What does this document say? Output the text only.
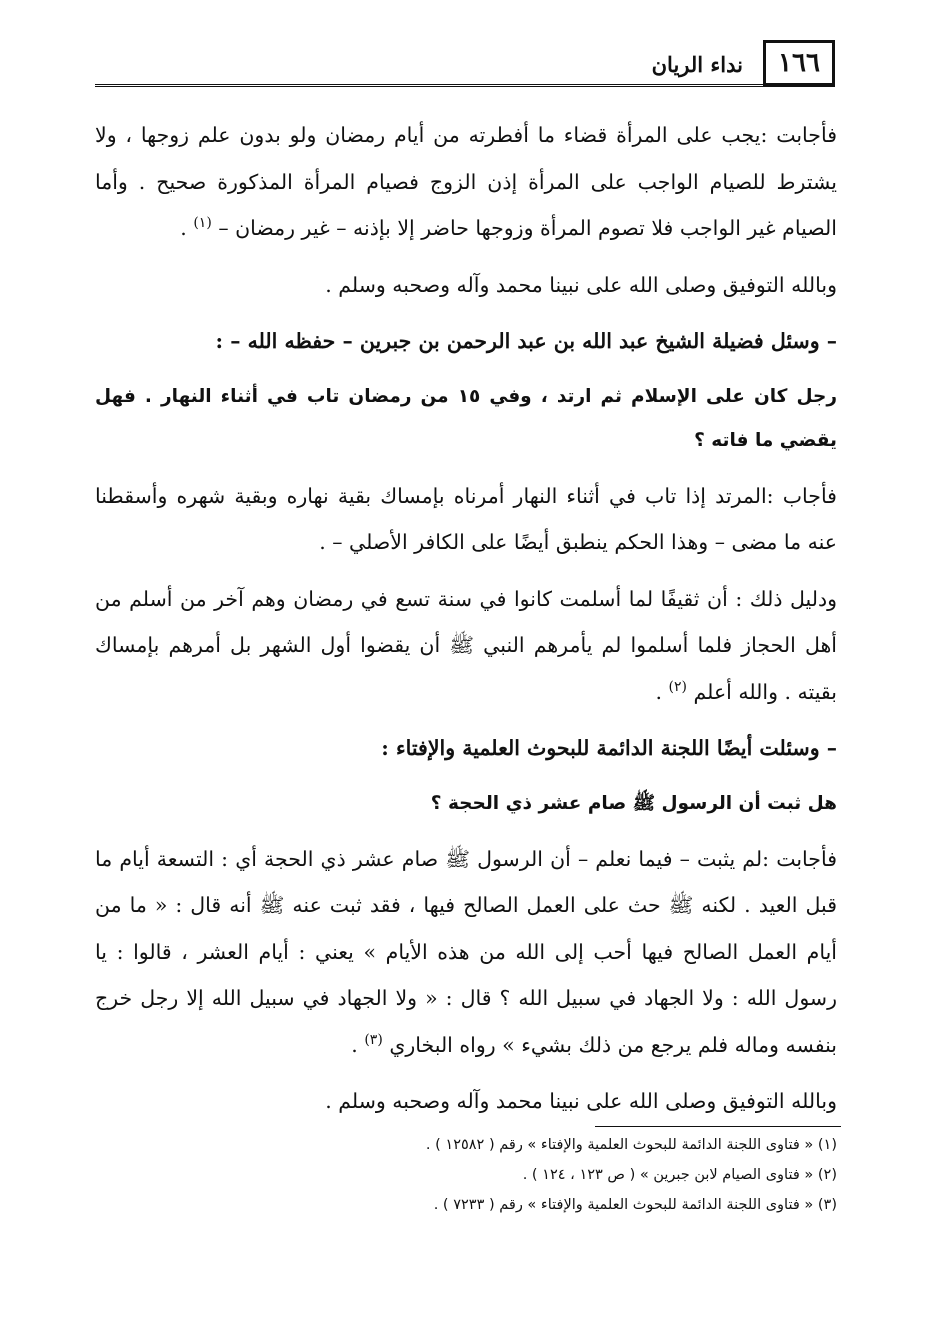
١٦٦
نداء الريان

فأجابت :يجب على المرأة قضاء ما أفطرته من أيام رمضان ولو بدون علم زوجها ، ولا يشترط للصيام الواجب على المرأة إذن الزوج فصيام المرأة المذكورة صحيح . وأما الصيام غير الواجب فلا تصوم المرأة وزوجها حاضر إلا بإذنه – غير رمضان – $^{(١)}$ .

وبالله التوفيق وصلى الله على نبينا محمد وآله وصحبه وسلم .

– وسئل فضيلة الشيخ عبد الله بن عبد الرحمن بن جبرين – حفظه الله – :

رجل كان على الإسلام ثم ارتد ، وفي ١٥ من رمضان تاب في أثناء النهار . فهل يقضي ما فاته ؟

فأجاب :المرتد إذا تاب في أثناء النهار أمرناه بإمساك بقية نهاره وبقية شهره وأسقطنا عنه ما مضى – وهذا الحكم ينطبق أيضًا على الكافر الأصلي – .

ودليل ذلك : أن ثقيفًا لما أسلمت كانوا في سنة تسع في رمضان وهم آخر من أسلم من أهل الحجاز فلما أسلموا لم يأمرهم النبي ﷺ أن يقضوا أول الشهر بل أمرهم بإمساك بقيته . والله أعلم $^{(٢)}$ .

– وسئلت أيضًا اللجنة الدائمة للبحوث العلمية والإفتاء :

هل ثبت أن الرسول ﷺ صام عشر ذي الحجة ؟

فأجابت :لم يثبت – فيما نعلم – أن الرسول ﷺ صام عشر ذي الحجة أي : التسعة أيام ما قبل العيد . لكنه ﷺ حث على العمل الصالح فيها ، فقد ثبت عنه ﷺ أنه قال : « ما من أيام العمل الصالح فيها أحب إلى الله من هذه الأيام » يعني : أيام العشر ، قالوا : يا رسول الله : ولا الجهاد في سبيل الله ؟ قال : « ولا الجهاد في سبيل الله إلا رجل خرج بنفسه وماله فلم يرجع من ذلك بشيء » رواه البخاري $^{(٣)}$ .

وبالله التوفيق وصلى الله على نبينا محمد وآله وصحبه وسلم .

(١) « فتاوى اللجنة الدائمة للبحوث العلمية والإفتاء » رقم ( ١٢٥٨٢ ) .
(٢) « فتاوى الصيام لابن جبرين » ( ص ١٢٣ ، ١٢٤ ) .
(٣) « فتاوى اللجنة الدائمة للبحوث العلمية والإفتاء » رقم ( ٧٢٣٣ ) .
